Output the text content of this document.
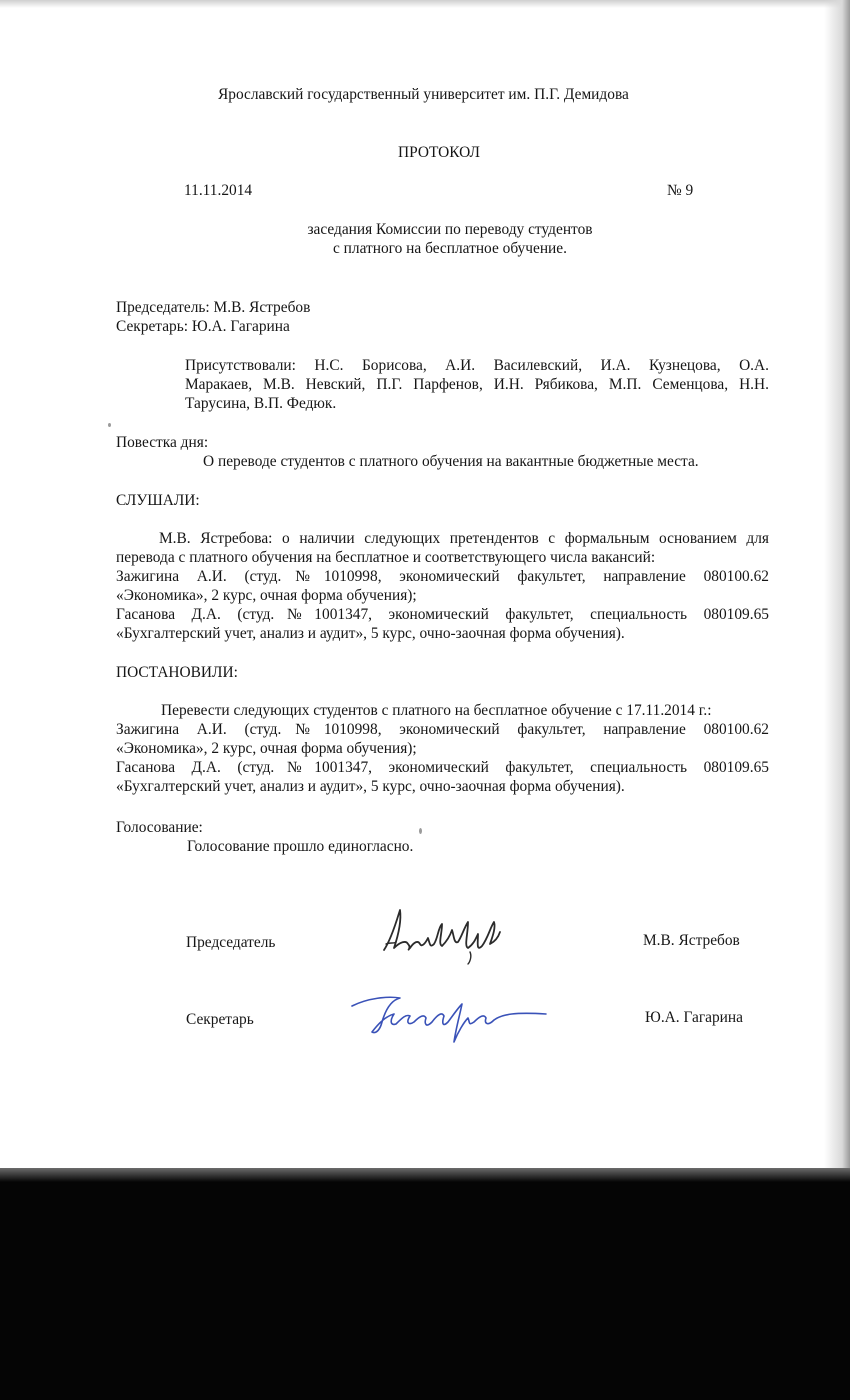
Ярославский государственный университет им. П.Г. Демидова
ПРОТОКОЛ
11.11.2014	№ 9
заседания Комиссии по переводу студентов
с платного на бесплатное обучение.
Председатель: М.В. Ястребов
Секретарь: Ю.А. Гагарина
Присутствовали: Н.С. Борисова, А.И. Василевский, И.А. Кузнецова, О.А.
Маракаев, М.В. Невский, П.Г. Парфенов, И.Н. Рябикова, М.П. Семенцова, Н.Н.
Тарусина, В.П. Федюк.
Повестка дня:
О переводе студентов с платного обучения на вакантные бюджетные места.
СЛУШАЛИ:
М.В. Ястребова: о наличии следующих претендентов с формальным основанием для
перевода с платного обучения на бесплатное и соответствующего числа вакансий:
Зажигина А.И. (студ.№1010998, экономический факультет, направление 080100.62
«Экономика», 2 курс, очная форма обучения);
Гасанова Д.А. (студ.№1001347, экономический факультет, специальность 080109.65
«Бухгалтерский учет, анализ и аудит», 5 курс, очно-заочная форма обучения).
ПОСТАНОВИЛИ:
Перевести следующих студентов с платного на бесплатное обучение с 17.11.2014 г.:
Зажигина А.И. (студ.№1010998, экономический факультет, направление 080100.62
«Экономика», 2 курс, очная форма обучения);
Гасанова Д.А. (студ.№1001347, экономический факультет, специальность 080109.65
«Бухгалтерский учет, анализ и аудит», 5 курс, очно-заочная форма обучения).
Голосование:
Голосование прошло единогласно.
Председатель	М.В. Ястребов
Секретарь	Ю.А. Гагарина
